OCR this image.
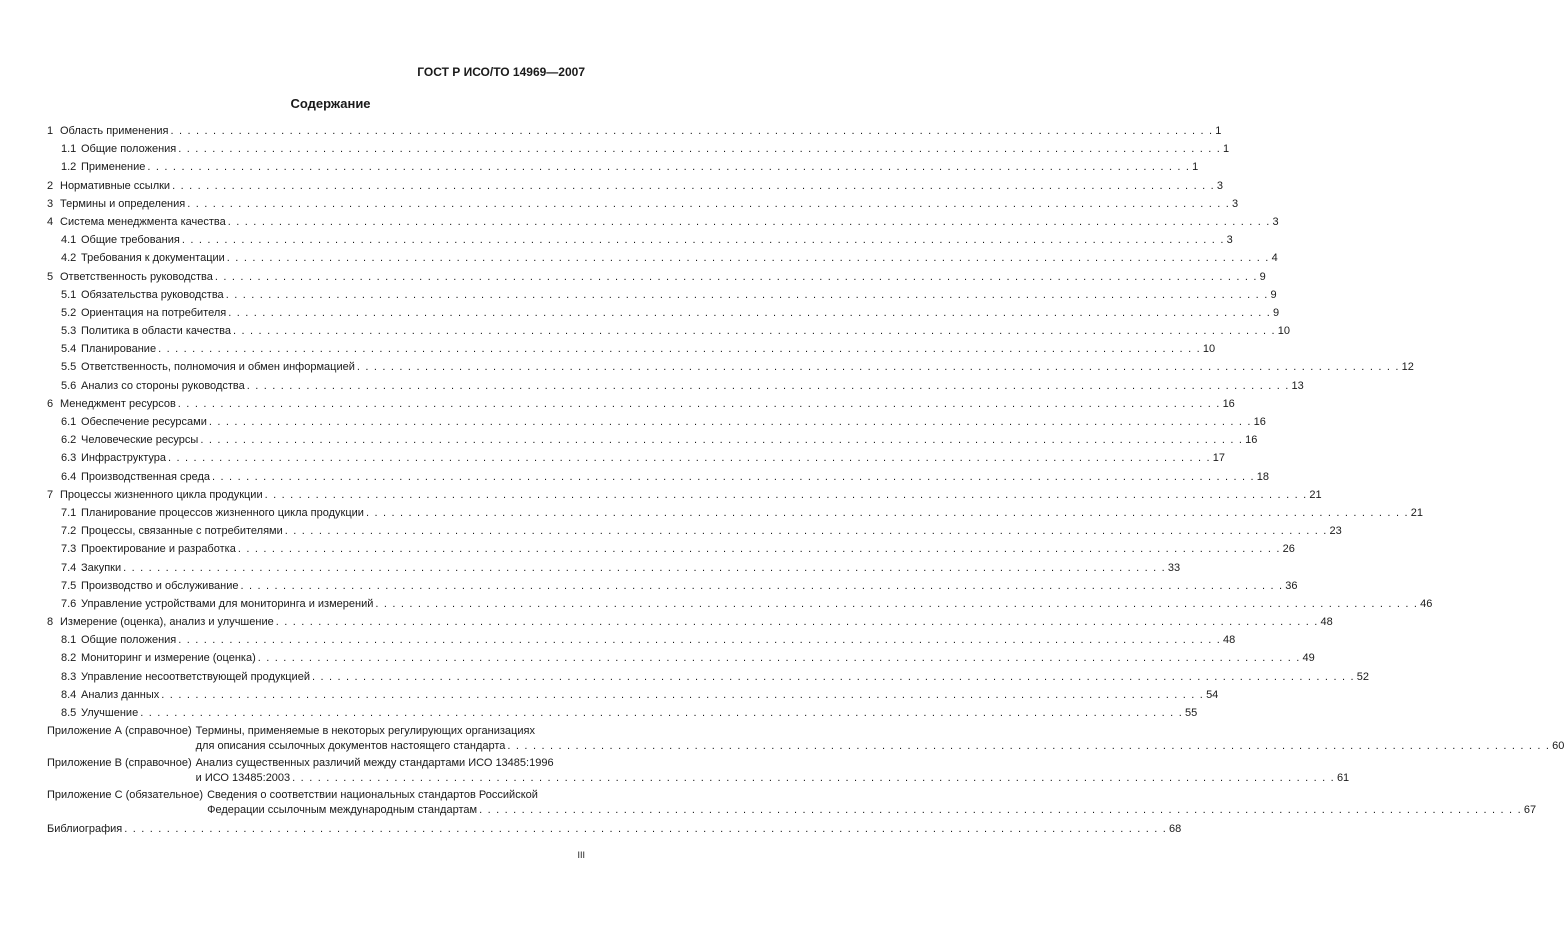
ГОСТ Р ИСО/ТО 14969—2007
Содержание
1 Область применения . . .	1
1.1 Общие положения . . .	1
1.2 Применение . . .	1
2 Нормативные ссылки . . .	3
3 Термины и определения . . .	3
4 Система менеджмента качества . . .	3
4.1 Общие требования . . .	3
4.2 Требования к документации . . .	4
5 Ответственность руководства . . .	9
5.1 Обязательства руководства . . .	9
5.2 Ориентация на потребителя . . .	9
5.3 Политика в области качества . . .	10
5.4 Планирование . . .	10
5.5 Ответственность, полномочия и обмен информацией . . .	12
5.6 Анализ со стороны руководства . . .	13
6 Менеджмент ресурсов . . .	16
6.1 Обеспечение ресурсами . . .	16
6.2 Человеческие ресурсы . . .	16
6.3 Инфраструктура . . .	17
6.4 Производственная среда . . .	18
7 Процессы жизненного цикла продукции . . .	21
7.1 Планирование процессов жизненного цикла продукции . . .	21
7.2 Процессы, связанные с потребителями . . .	23
7.3 Проектирование и разработка . . .	26
7.4 Закупки . . .	33
7.5 Производство и обслуживание . . .	36
7.6 Управление устройствами для мониторинга и измерений . . .	46
8 Измерение (оценка), анализ и улучшение . . .	48
8.1 Общие положения . . .	48
8.2 Мониторинг и измерение (оценка) . . .	49
8.3 Управление несоответствующей продукцией . . .	52
8.4 Анализ данных . . .	54
8.5 Улучшение . . .	55
Приложение А (справочное) Термины, применяемые в некоторых регулирующих организациях
для описания ссылочных документов настоящего стандарта . . .	60
Приложение В (справочное) Анализ существенных различий между стандартами ИСО 13485:1996
и ИСО 13485:2003 . . .	61
Приложение С (обязательное) Сведения о соответствии национальных стандартов Российской
Федерации ссылочным международным стандартам . . .	67
Библиография . . .	68
III
